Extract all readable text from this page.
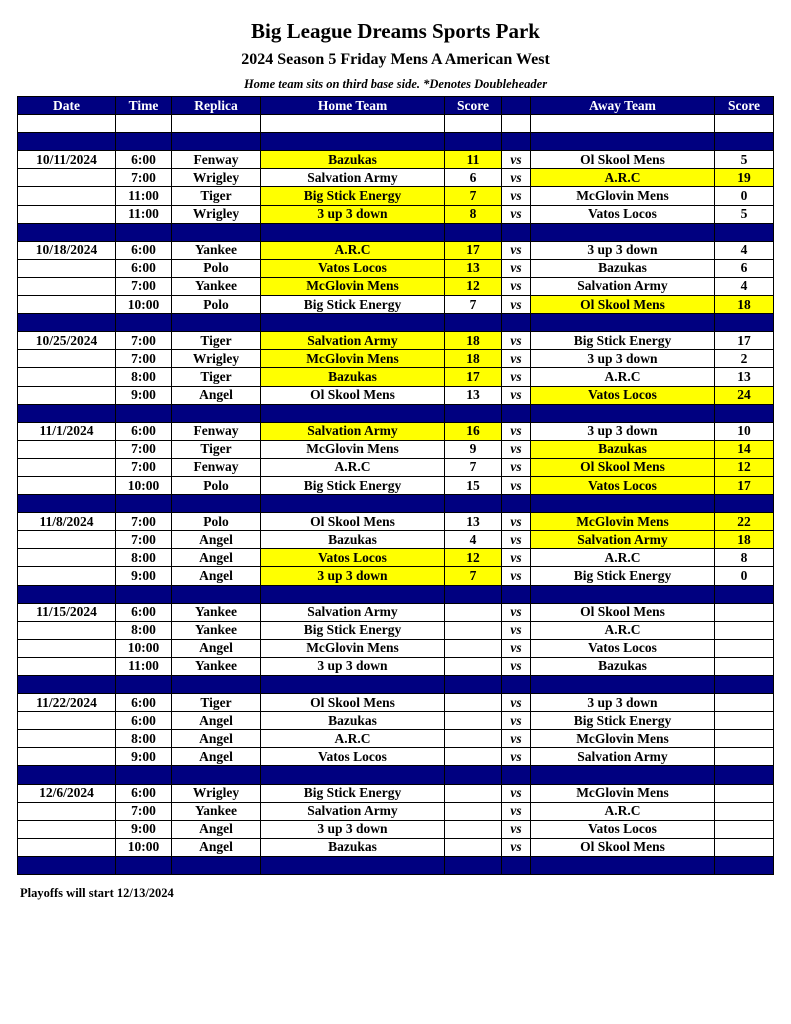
Big League Dreams Sports Park
2024 Season 5 Friday Mens A American West
Home team sits on third base side. *Denotes Doubleheader
Date	Time	Replica	Home Team	Score		Away Team	Score

10/11/2024	6:00	Fenway	Bazukas	11	vs	Ol Skool Mens	5
	7:00	Wrigley	Salvation Army	6	vs	A.R.C	19
	11:00	Tiger	Big Stick Energy	7	vs	McGlovin Mens	0
	11:00	Wrigley	3 up 3 down	8	vs	Vatos Locos	5

10/18/2024	6:00	Yankee	A.R.C	17	vs	3 up 3 down	4
	6:00	Polo	Vatos Locos	13	vs	Bazukas	6
	7:00	Yankee	McGlovin Mens	12	vs	Salvation Army	4
	10:00	Polo	Big Stick Energy	7	vs	Ol Skool Mens	18

10/25/2024	7:00	Tiger	Salvation Army	18	vs	Big Stick Energy	17
	7:00	Wrigley	McGlovin Mens	18	vs	3 up 3 down	2
	8:00	Tiger	Bazukas	17	vs	A.R.C	13
	9:00	Angel	Ol Skool Mens	13	vs	Vatos Locos	24

11/1/2024	6:00	Fenway	Salvation Army	16	vs	3 up 3 down	10
	7:00	Tiger	McGlovin Mens	9	vs	Bazukas	14
	7:00	Fenway	A.R.C	7	vs	Ol Skool Mens	12
	10:00	Polo	Big Stick Energy	15	vs	Vatos Locos	17

11/8/2024	7:00	Polo	Ol Skool Mens	13	vs	McGlovin Mens	22
	7:00	Angel	Bazukas	4	vs	Salvation Army	18
	8:00	Angel	Vatos Locos	12	vs	A.R.C	8
	9:00	Angel	3 up 3 down	7	vs	Big Stick Energy	0

11/15/2024	6:00	Yankee	Salvation Army		vs	Ol Skool Mens	
	8:00	Yankee	Big Stick Energy		vs	A.R.C	
	10:00	Angel	McGlovin Mens		vs	Vatos Locos	
	11:00	Yankee	3 up 3 down		vs	Bazukas	

11/22/2024	6:00	Tiger	Ol Skool Mens		vs	3 up 3 down	
	6:00	Angel	Bazukas		vs	Big Stick Energy	
	8:00	Angel	A.R.C		vs	McGlovin Mens	
	9:00	Angel	Vatos Locos		vs	Salvation Army	

12/6/2024	6:00	Wrigley	Big Stick Energy		vs	McGlovin Mens	
	7:00	Yankee	Salvation Army		vs	A.R.C	
	9:00	Angel	3 up 3 down		vs	Vatos Locos	
	10:00	Angel	Bazukas		vs	Ol Skool Mens	

Playoffs will start 12/13/2024
